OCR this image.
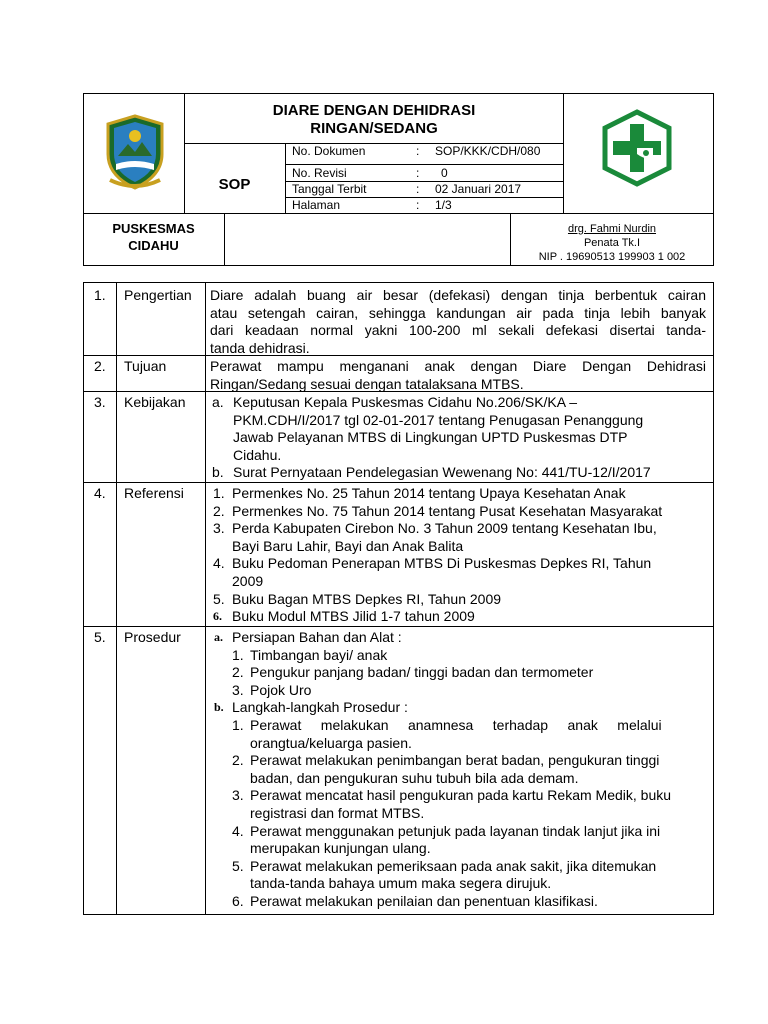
DIARE DENGAN DEHIDRASI
RINGAN/SEDANG
SOP
No. Dokumen	: SOP/KKK/CDH/080
No. Revisi	: 0
Tanggal Terbit	: 02 Januari 2017
Halaman	: 1/3
PUSKESMAS
CIDAHU
drg. Fahmi Nurdin
Penata Tk.I
NIP . 19690513 199903 1 002
1. Pengertian Diare adalah buang air besar (defekasi) dengan tinja berbentuk cairan
atau setengah cairan, sehingga kandungan air pada tinja lebih banyak
dari keadaan normal yakni 100-200 ml sekali defekasi disertai tanda-
tanda dehidrasi.
2. Tujuan	Perawat mampu menganani anak dengan Diare Dengan Dehidrasi
Ringan/Sedang sesuai dengan tatalaksana MTBS.
3. Kebijakan a. Keputusan Kepala Puskesmas Cidahu No.206/SK/KA –
PKM.CDH/I/2017 tgl 02-01-2017 tentang Penugasan Penanggung
Jawab Pelayanan MTBS di Lingkungan UPTD Puskesmas DTP
Cidahu.
b. Surat Pernyataan Pendelegasian Wewenang No: 441/TU-12/I/2017
4. Referensi 1. Permenkes No. 25 Tahun 2014 tentang Upaya Kesehatan Anak
2. Permenkes No. 75 Tahun 2014 tentang Pusat Kesehatan Masyarakat
3. Perda Kabupaten Cirebon No. 3 Tahun 2009 tentang Kesehatan Ibu,
Bayi Baru Lahir, Bayi dan Anak Balita
4. Buku Pedoman Penerapan MTBS Di Puskesmas Depkes RI, Tahun
2009
5. Buku Bagan MTBS Depkes RI, Tahun 2009
6. Buku Modul MTBS Jilid 1-7 tahun 2009
5. Prosedur	a. Persiapan Bahan dan Alat :
1. Timbangan bayi/ anak
2. Pengukur panjang badan/ tinggi badan dan termometer
3. Pojok Uro
b. Langkah-langkah Prosedur :
1. Perawat     melakukan     anamnesa     terhadap     anak     melalui
orangtua/keluarga pasien.
2. Perawat melakukan penimbangan berat badan, pengukuran tinggi
badan, dan pengukuran suhu tubuh bila ada demam.
3. Perawat mencatat hasil pengukuran pada kartu Rekam Medik, buku
registrasi dan format MTBS.
4. Perawat menggunakan petunjuk pada layanan tindak lanjut jika ini
merupakan kunjungan ulang.
5. Perawat melakukan pemeriksaan pada anak sakit, jika ditemukan
tanda-tanda bahaya umum maka segera dirujuk.
6. Perawat melakukan penilaian dan penentuan klasifikasi.
